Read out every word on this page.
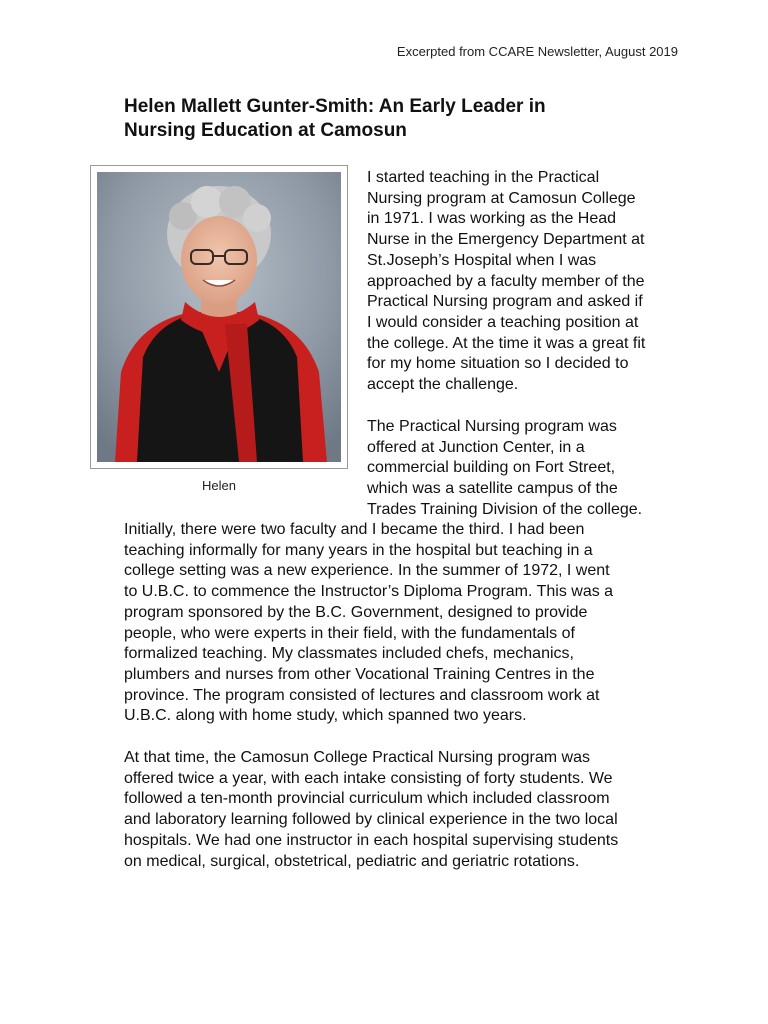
Excerpted from CCARE Newsletter, August 2019
Helen Mallett Gunter-Smith: An Early Leader in
Nursing Education at Camosun
Helen

I started teaching in the Practical
Nursing program at Camosun College
in 1971. I was working as the Head
Nurse in the Emergency Department at
St.Joseph’s Hospital when I was
approached by a faculty member of the
Practical Nursing program and asked if
I would consider a teaching position at
the college. At the time it was a great fit
for my home situation so I decided to
accept the challenge.

The Practical Nursing program was
offered at Junction Center, in a
commercial building on Fort Street,
which was a satellite campus of the
Trades Training Division of the college.

Initially, there were two faculty and I became the third. I had been
teaching informally for many years in the hospital but teaching in a
college setting was a new experience. In the summer of 1972, I went
to U.B.C. to commence the Instructor’s Diploma Program. This was a
program sponsored by the B.C. Government, designed to provide
people, who were experts in their field, with the fundamentals of
formalized teaching. My classmates included chefs, mechanics,
plumbers and nurses from other Vocational Training Centres in the
province. The program consisted of lectures and classroom work at
U.B.C. along with home study, which spanned two years.

At that time, the Camosun College Practical Nursing program was
offered twice a year, with each intake consisting of forty students. We
followed a ten-month provincial curriculum which included classroom
and laboratory learning followed by clinical experience in the two local
hospitals. We had one instructor in each hospital supervising students
on medical, surgical, obstetrical, pediatric and geriatric rotations.
